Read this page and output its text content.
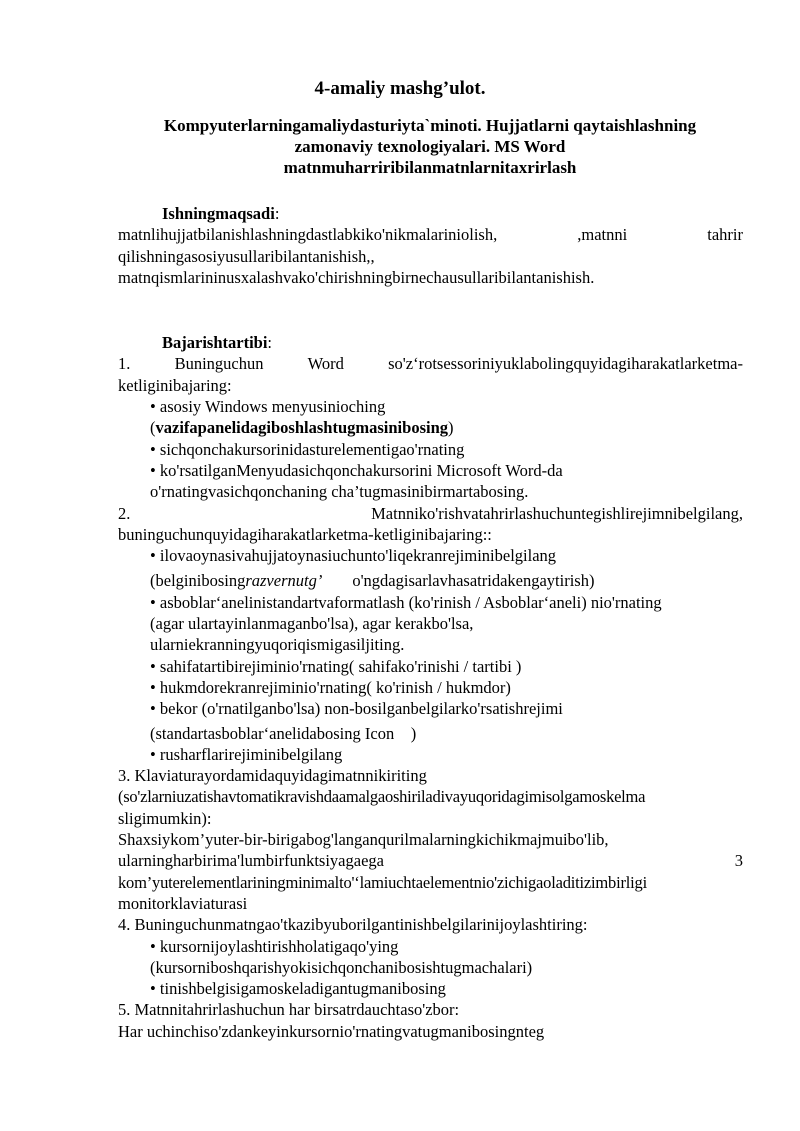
4-amaliy mashg’ulot.
Kompyuterlarningamaliydasturiyta`minoti. Hujjatlarni qaytaishlashning
zamonaviy texnologiyalari. MS Word
matnmuharriribilanmatnlarnitaxrirlash
Ishningmaqsadi:
matnlihujjatbilanishlashningdastlabkiko'nikmalariniolish,	,matnni	tahrir
qilishningasosiyusullaribilantanishish,,
matnqismlarininusxalashvako'chirishningbirnechausullaribilantanishish.
Bajarishtartibi:
1.	Buninguchun	Word	so'z‘rotsessoriniyuklabolingquyidagiharakatlarketma-
ketliginibajaring:
• asosiy Windows menyusinioching
(vazifapanelidagiboshlashtugmasinibosing)
• sichqonchakursorinidasturelementigao'rnating
• ko'rsatilganMenyudasichqonchakursorini Microsoft Word-da
o'rnatingvasichqonchaning cha’tugmasinibirmartabosing.
2.	Matnniko'rishvatahrirlashuchuntegishlirejimnibelgilang,
buninguchunquyidagiharakatlarketma-ketliginibajaring::
• ilovaoynasivahujjatoynasiuchunto'liqekranrejiminibelgilang
(belginibosingrazvernutg’ o'ngdagisarlavhasatridakengaytirish)
• asboblar‘anelinistandartvaformatlash (ko'rinish / Asboblar‘aneli) nio'rnating
(agar ulartayinlanmaganbo'lsa), agar kerakbo'lsa,
ularniekranningyuqoriqismigasiljiting.
• sahifatartibirejiminio'rnating( sahifako'rinishi / tartibi )
• hukmdorekranrejiminio'rnating( ko'rinish / hukmdor)
• bekor (o'rnatilganbo'lsa) non-bosilganbelgilarko'rsatishrejimi
(standartasboblar‘anelidabosing Icon    )
• rusharflarirejiminibelgilang
3. Klaviaturayordamidaquyidagimatnnikiriting
(so'zlarniuzatishavtomatikravishdaamalgaoshiriladivayuqoridagimisolgamoskelma
sligimumkin):
Shaxsiykom’yuter-bir-birigabog'langanqurilmalarningkichikmajmuibo'lib,
ularningharbirima'lumbirfunktsiyagaega	3
kom’yuterelementlariningminimalto'‘lamiuchtaelementnio'zichigaoladitizimbirligi
monitorklaviaturasi
4. Buninguchunmatngao'tkazibyuborilgantinishbelgilarinijoylashtiring:
• kursornijoylashtirishholatigaqo'ying
(kursorniboshqarishyokisichqonchanibosishtugmachalari)
• tinishbelgisigamoskeladigantugmanibosing
5. Matnnitahrirlashuchun har birsatrdauchtaso'zbor:
Har uchinchiso'zdankeyinkursornio'rnatingvatugmanibosingnteg
